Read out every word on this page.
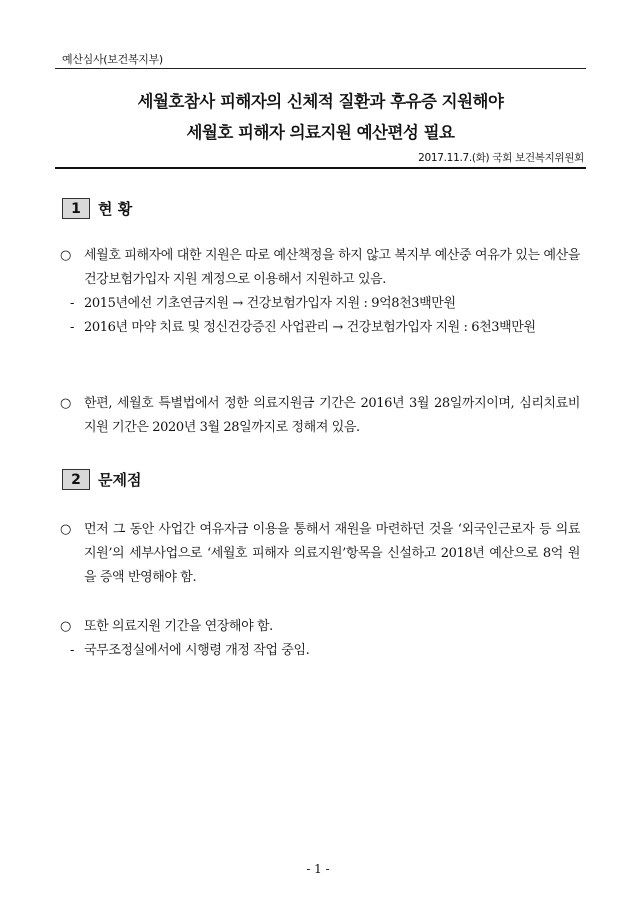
예산심사(보건복지부)
세월호참사 피해자의 신체적 질환과 후유증 지원해야
세월호 피해자 의료지원 예산편성 필요
2017.11.7.(화) 국회 보건복지위원회
1	현 황
○	세월호 피해자에 대한 지원은 따로 예산책정을 하지 않고 복지부 예산중 여유가 있는 예산을 건강보험가입자 지원 계정으로 이용해서 지원하고 있음.
- 2015년에선 기초연금지원 → 건강보험가입자 지원 : 9억8천3백만원
- 2016년 마약 치료 및 정신건강증진 사업관리 → 건강보험가입자 지원 : 6천3백만원
○	한편, 세월호 특별법에서 정한 의료지원금 기간은 2016년 3월 28일까지이며, 심리치료비 지원 기간은 2020년 3월 28일까지로 정해져 있음.
2	문제점
○	먼저 그 동안 사업간 여유자금 이용을 통해서 재원을 마련하던 것을 ‘외국인근로자 등 의료지원’의 세부사업으로 ‘세월호 피해자 의료지원’항목을 신설하고 2018년 예산으로 8억 원을 증액 반영해야 함.
○	또한 의료지원 기간을 연장해야 함.
- 국무조정실에서에 시행령 개정 작업 중임.
- 1 -
